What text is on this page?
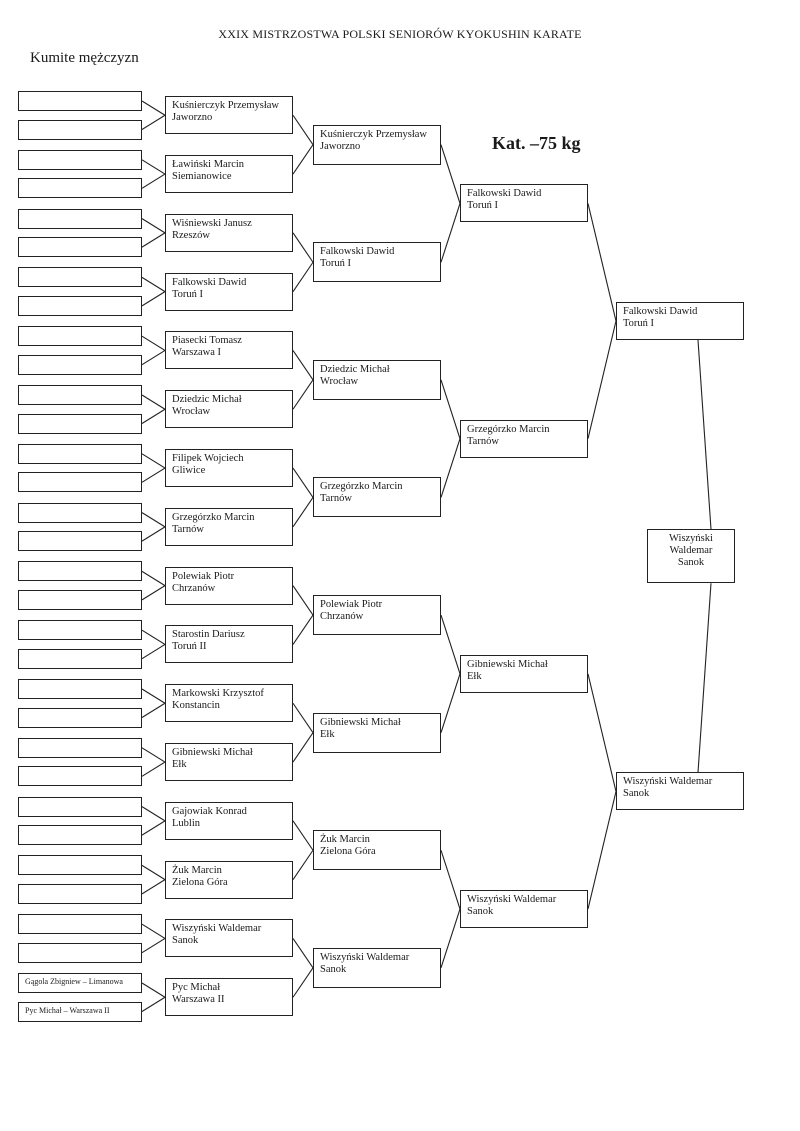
XXIX MISTRZOSTWA POLSKI SENIORÓW KYOKUSHIN KARATE
Kumite mężczyzn
Kat. –75 kg
Gągola Zbigniew – Limanowa
Pyc Michał – Warszawa II
Kuśnierczyk Przemysław
Jaworzno
Ławiński Marcin
Siemianowice
Wiśniewski Janusz
Rzeszów
Falkowski Dawid
Toruń I
Piasecki Tomasz
Warszawa I
Dziedzic Michał
Wrocław
Filipek Wojciech
Gliwice
Grzegórzko Marcin
Tarnów
Polewiak Piotr
Chrzanów
Starostin Dariusz
Toruń II
Markowski Krzysztof
Konstancin
Gibniewski Michał
Ełk
Gajowiak Konrad
Lublin
Żuk Marcin
Zielona Góra
Wiszyński Waldemar
Sanok
Pyc Michał
Warszawa II
Kuśnierczyk Przemysław
Jaworzno
Falkowski Dawid
Toruń I
Dziedzic Michał
Wrocław
Grzegórzko Marcin
Tarnów
Polewiak Piotr
Chrzanów
Gibniewski Michał
Ełk
Żuk Marcin
Zielona Góra
Wiszyński Waldemar
Sanok
Falkowski Dawid
Toruń I
Grzegórzko Marcin
Tarnów
Gibniewski Michał
Ełk
Wiszyński Waldemar
Sanok
Falkowski Dawid
Toruń I
Wiszyński Waldemar
Sanok
Wiszyński
Waldemar
Sanok
